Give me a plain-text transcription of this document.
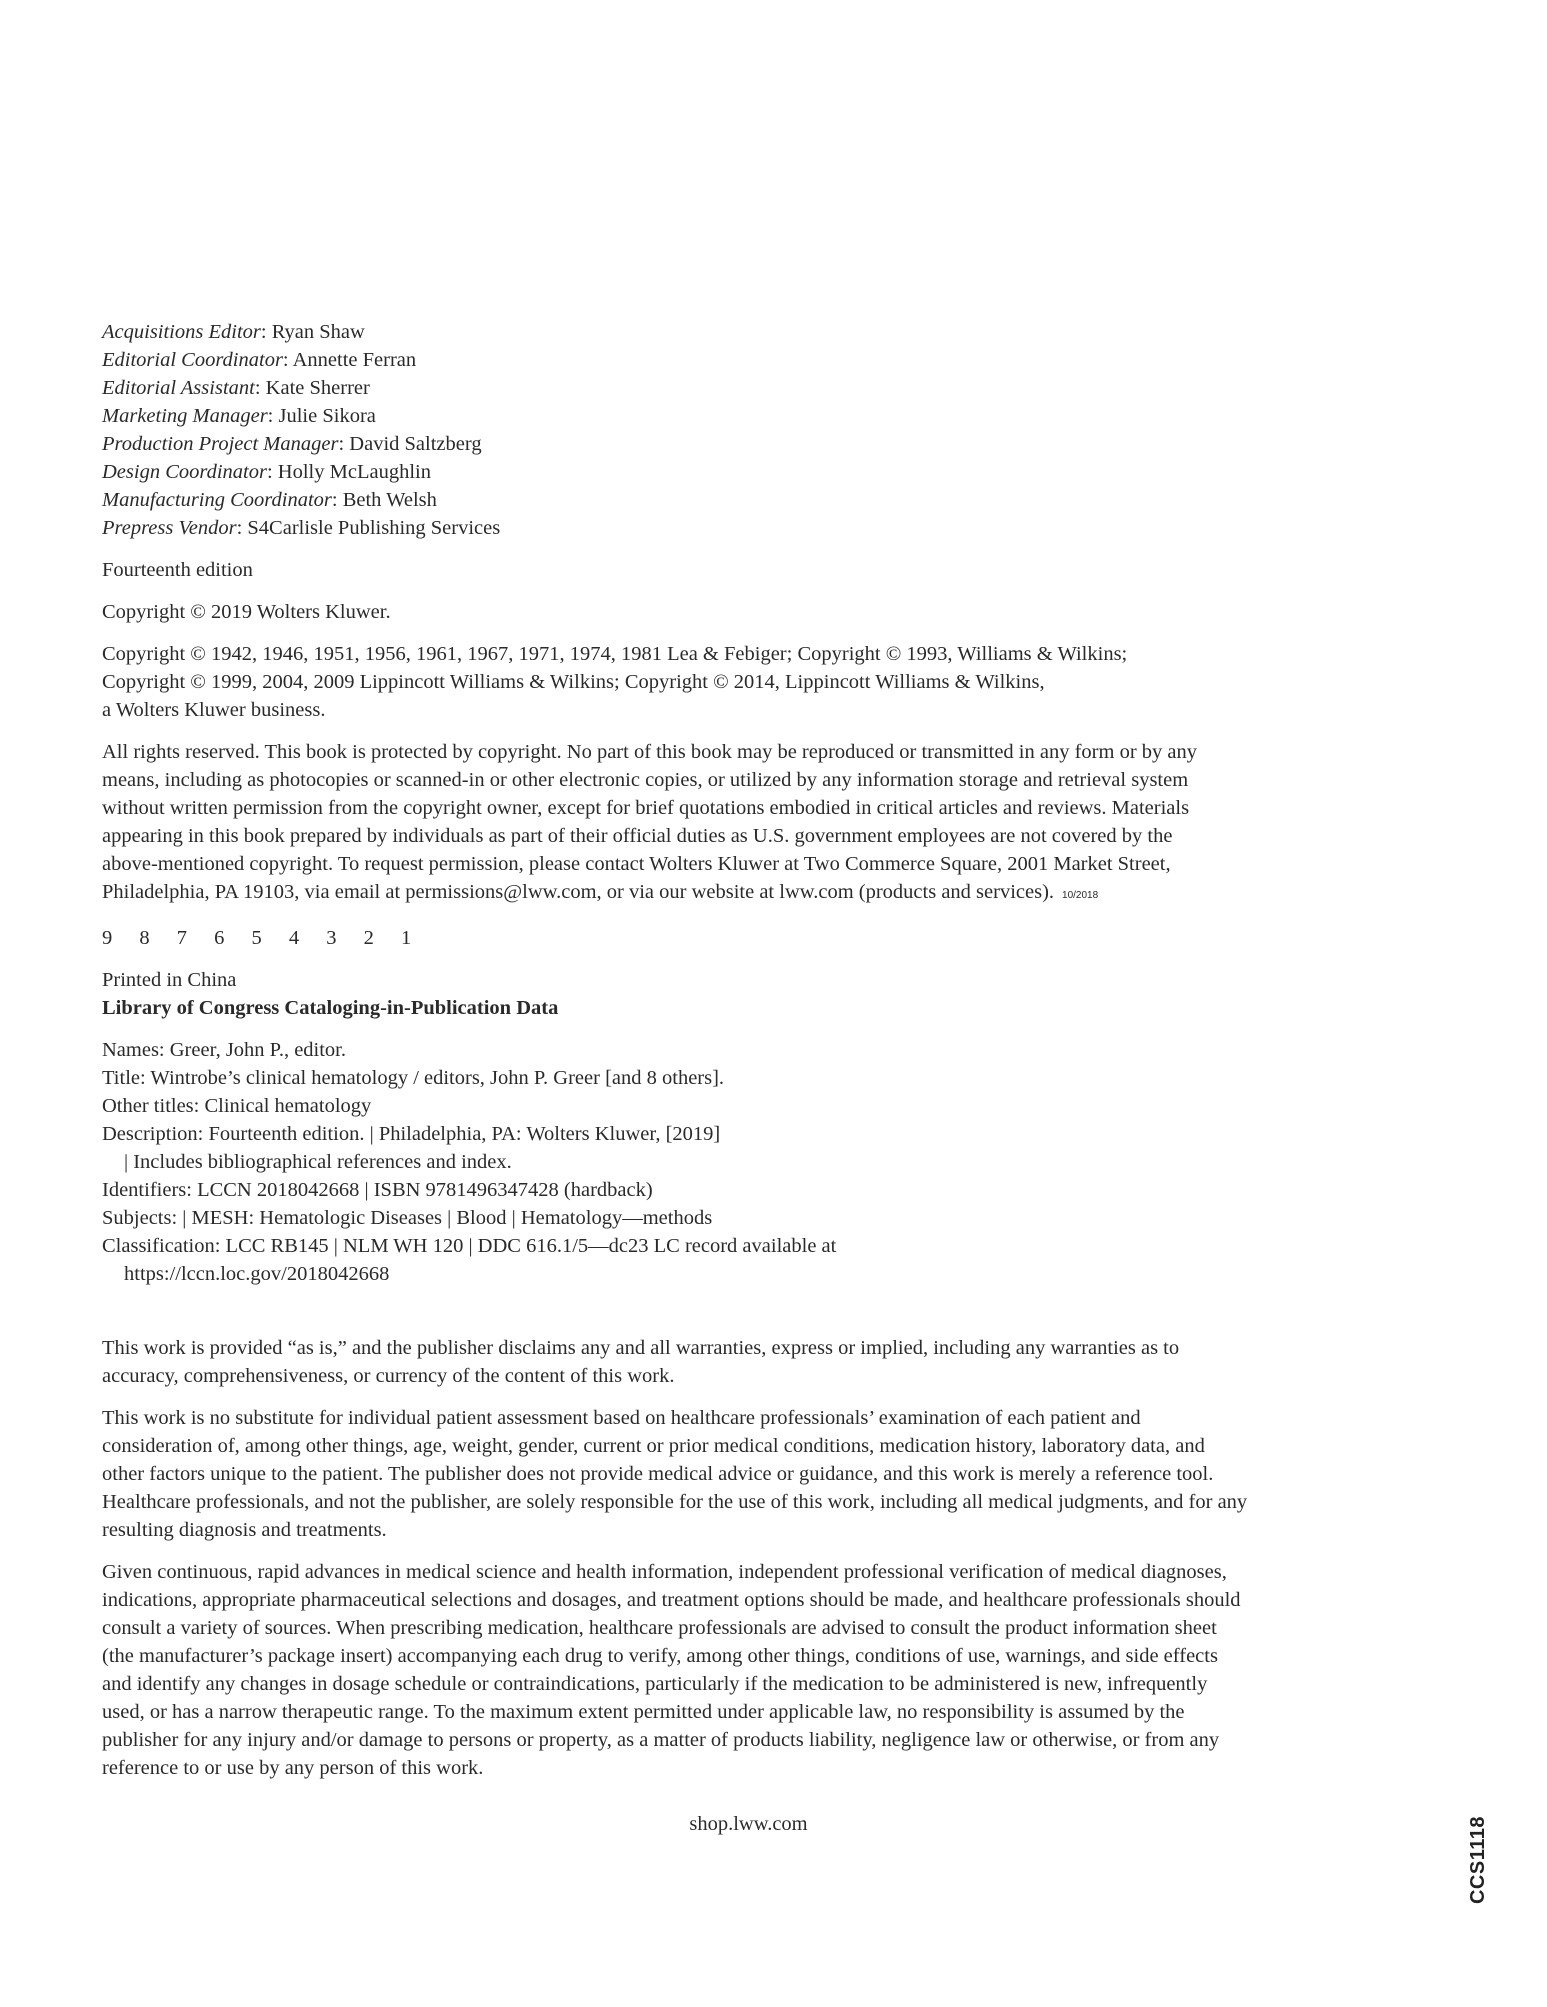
Acquisitions Editor: Ryan Shaw
Editorial Coordinator: Annette Ferran
Editorial Assistant: Kate Sherrer
Marketing Manager: Julie Sikora
Production Project Manager: David Saltzberg
Design Coordinator: Holly McLaughlin
Manufacturing Coordinator: Beth Welsh
Prepress Vendor: S4Carlisle Publishing Services

Fourteenth edition

Copyright © 2019 Wolters Kluwer.

Copyright © 1942, 1946, 1951, 1956, 1961, 1967, 1971, 1974, 1981 Lea & Febiger; Copyright © 1993, Williams & Wilkins;
Copyright © 1999, 2004, 2009 Lippincott Williams & Wilkins; Copyright © 2014, Lippincott Williams & Wilkins,
a Wolters Kluwer business.
All rights reserved. This book is protected by copyright. No part of this book may be reproduced or transmitted in any form or by any
means, including as photocopies or scanned-in or other electronic copies, or utilized by any information storage and retrieval system
without written permission from the copyright owner, except for brief quotations embodied in critical articles and reviews. Materials
appearing in this book prepared by individuals as part of their official duties as U.S. government employees are not covered by the
above-mentioned copyright. To request permission, please contact Wolters Kluwer at Two Commerce Square, 2001 Market Street,
Philadelphia, PA 19103, via email at permissions@lww.com, or via our website at lww.com (products and services). 10/2018

9 8 7 6 5 4 3 2 1

Printed in China

Library of Congress Cataloging-in-Publication Data

Names: Greer, John P., editor.
Title: Wintrobe’s clinical hematology / editors, John P. Greer [and 8 others].
Other titles: Clinical hematology
Description: Fourteenth edition. | Philadelphia, PA: Wolters Kluwer, [2019]
| Includes bibliographical references and index.
Identifiers: LCCN 2018042668 | ISBN 9781496347428 (hardback)
Subjects: | MESH: Hematologic Diseases | Blood | Hematology—methods
Classification: LCC RB145 | NLM WH 120 | DDC 616.1/5—dc23 LC record available at
https://lccn.loc.gov/2018042668
This work is provided “as is,” and the publisher disclaims any and all warranties, express or implied, including any warranties as to
accuracy, comprehensiveness, or currency of the content of this work.
This work is no substitute for individual patient assessment based on healthcare professionals’ examination of each patient and
consideration of, among other things, age, weight, gender, current or prior medical conditions, medication history, laboratory data, and
other factors unique to the patient. The publisher does not provide medical advice or guidance, and this work is merely a reference tool.
Healthcare professionals, and not the publisher, are solely responsible for the use of this work, including all medical judgments, and for any
resulting diagnosis and treatments.
Given continuous, rapid advances in medical science and health information, independent professional verification of medical diagnoses,
indications, appropriate pharmaceutical selections and dosages, and treatment options should be made, and healthcare professionals should
consult a variety of sources. When prescribing medication, healthcare professionals are advised to consult the product information sheet
(the manufacturer’s package insert) accompanying each drug to verify, among other things, conditions of use, warnings, and side effects
and identify any changes in dosage schedule or contraindications, particularly if the medication to be administered is new, infrequently
used, or has a narrow therapeutic range. To the maximum extent permitted under applicable law, no responsibility is assumed by the
publisher for any injury and/or damage to persons or property, as a matter of products liability, negligence law or otherwise, or from any
reference to or use by any person of this work.
shop.lww.com	CCS1118
